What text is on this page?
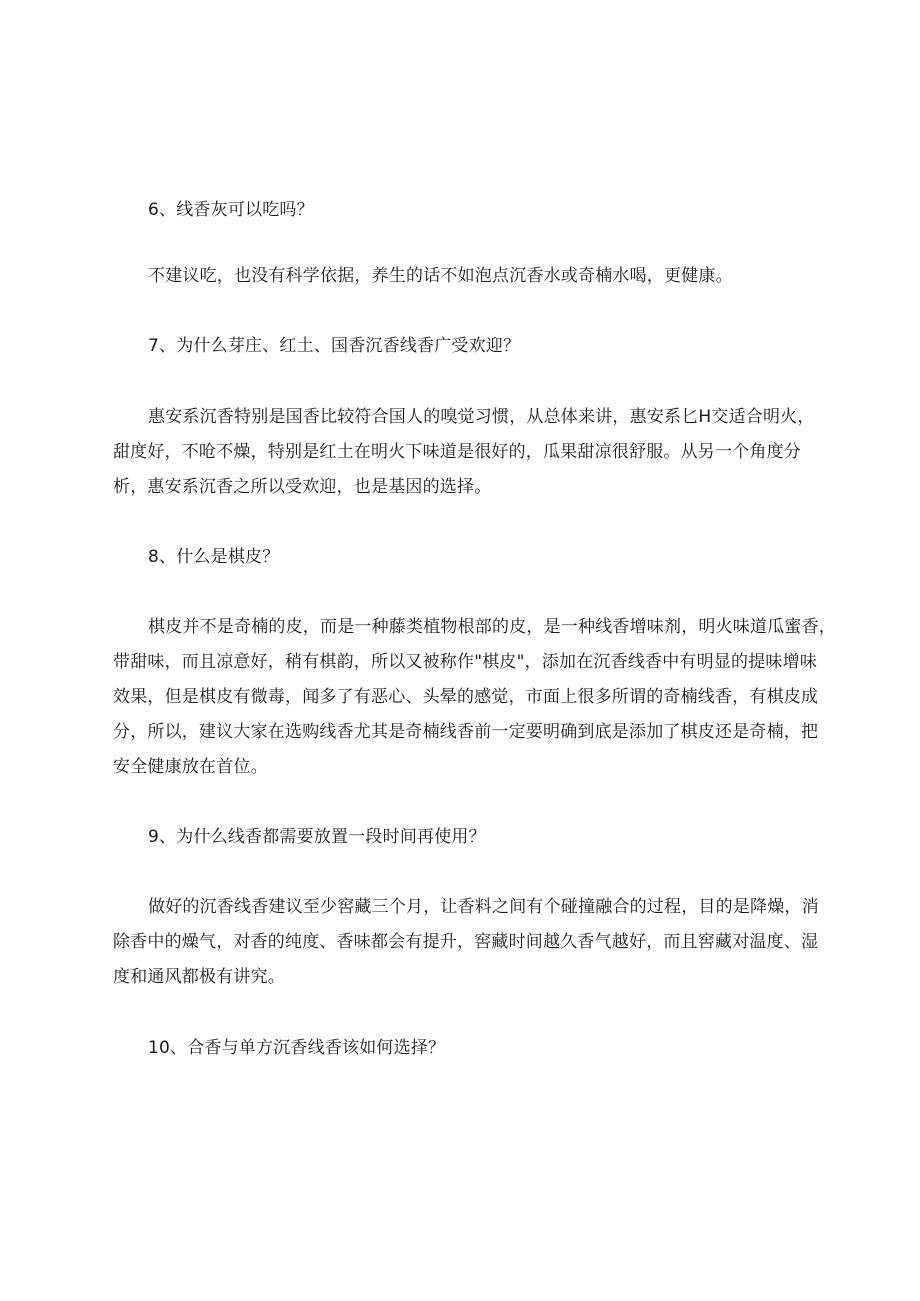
6、线香灰可以吃吗？
不建议吃，也没有科学依据，养生的话不如泡点沉香水或奇楠水喝，更健康。
7、为什么芽庄、红土、国香沉香线香广受欢迎？
惠安系沉香特别是国香比较符合国人的嗅觉习惯，从总体来讲，惠安系匕H交适合明火，
甜度好，不呛不燥，特别是红土在明火下味道是很好的，瓜果甜凉很舒服。从另一个角度分
析，惠安系沉香之所以受欢迎，也是基因的选择。
8、什么是棋皮？
棋皮并不是奇楠的皮，而是一种藤类植物根部的皮，是一种线香增味剂，明火味道瓜蜜香，
带甜味，而且凉意好，稍有棋韵，所以又被称作"棋皮"，添加在沉香线香中有明显的提味增味
效果，但是棋皮有微毒，闻多了有恶心、头晕的感觉，市面上很多所谓的奇楠线香，有棋皮成
分，所以，建议大家在选购线香尤其是奇楠线香前一定要明确到底是添加了棋皮还是奇楠，把
安全健康放在首位。
9、为什么线香都需要放置一段时间再使用？
做好的沉香线香建议至少窖藏三个月，让香料之间有个碰撞融合的过程，目的是降燥，消
除香中的燥气，对香的纯度、香味都会有提升，窖藏时间越久香气越好，而且窖藏对温度、湿
度和通风都极有讲究。
10、合香与单方沉香线香该如何选择？
